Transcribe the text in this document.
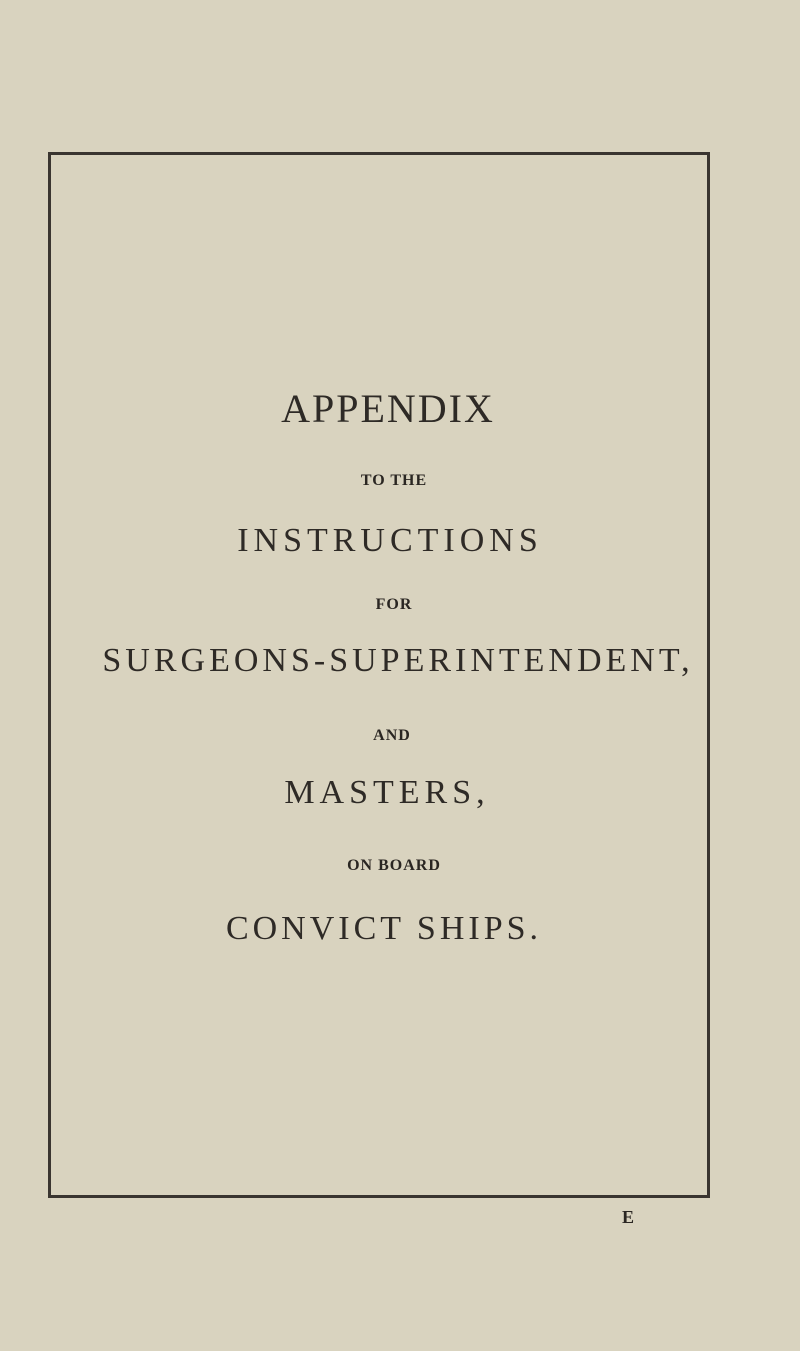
APPENDIX
TO THE
INSTRUCTIONS
FOR
SURGEONS-SUPERINTENDENT,
AND
MASTERS,
ON BOARD
CONVICT SHIPS.
E
